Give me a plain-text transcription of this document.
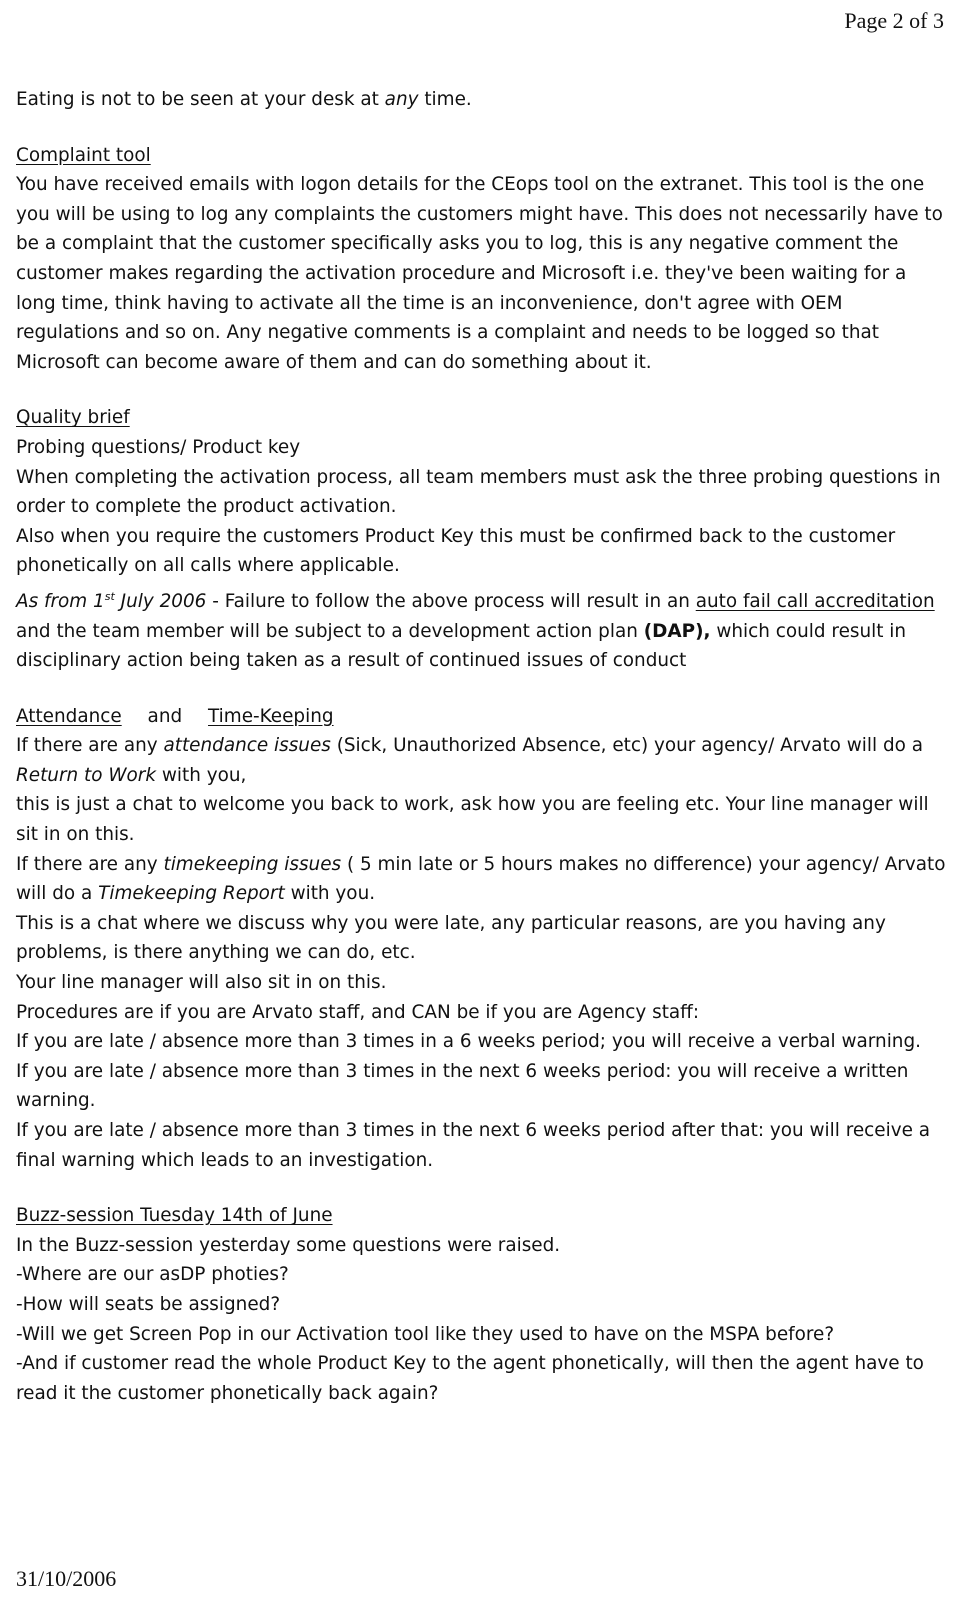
Page 2 of 3

Eating is not to be seen at your desk at any time.

Complaint tool

You have received emails with logon details for the CEops tool on the extranet. This tool is the one you will be using to log any complaints the customers might have. This does not necessarily have to be a complaint that the customer specifically asks you to log, this is any negative comment the customer makes regarding the activation procedure and Microsoft i.e. they've been waiting for a long time, think having to activate all the time is an inconvenience, don't agree with OEM regulations and so on. Any negative comments is a complaint and needs to be logged so that Microsoft can become aware of them and can do something about it.

Quality brief

Probing questions/ Product key

When completing the activation process, all team members must ask the three probing questions in order to complete the product activation.

Also when you require the customers Product Key this must be confirmed back to the customer phonetically on all calls where applicable.

As from 1st July 2006 - Failure to follow the above process will result in an auto fail call accreditation and the team member will be subject to a development action plan (DAP), which could result in disciplinary action being taken as a result of continued issues of conduct

Attendance and Time-Keeping

If there are any attendance issues (Sick, Unauthorized Absence, etc) your agency/ Arvato will do a Return to Work with you,

this is just a chat to welcome you back to work, ask how you are feeling etc. Your line manager will sit in on this.

If there are any timekeeping issues ( 5 min late or 5 hours makes no difference) your agency/ Arvato will do a Timekeeping Report with you.

This is a chat where we discuss why you were late, any particular reasons, are you having any problems, is there anything we can do, etc.

Your line manager will also sit in on this.

Procedures are if you are Arvato staff, and CAN be if you are Agency staff:

If you are late / absence more than 3 times in a 6 weeks period; you will receive a verbal warning.

If you are late / absence more than 3 times in the next 6 weeks period: you will receive a written warning.

If you are late / absence more than 3 times in the next 6 weeks period after that: you will receive a final warning which leads to an investigation.

Buzz-session Tuesday 14th of June

In the Buzz-session yesterday some questions were raised.

-Where are our asDP photies?

-How will seats be assigned?

-Will we get Screen Pop in our Activation tool like they used to have on the MSPA before?

-And if customer read the whole Product Key to the agent phonetically, will then the agent have to read it the customer phonetically back again?

31/10/2006
